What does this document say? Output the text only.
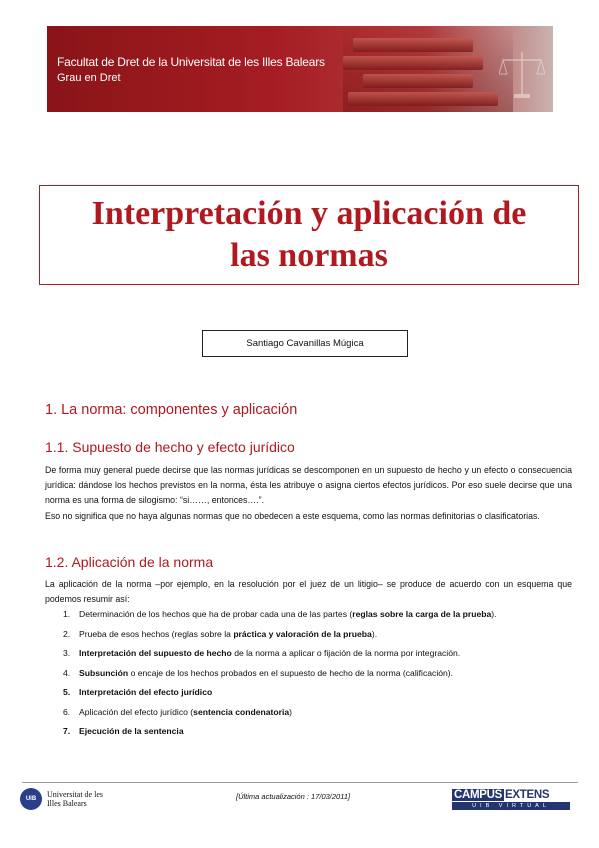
Facultat de Dret de la Universitat de les Illes Balears
Grau en Dret
Interpretación y aplicación de
las normas
Santiago Cavanillas Múgica
1. La norma: componentes y aplicación
1.1. Supuesto de hecho y efecto jurídico

De forma muy general puede decirse que las normas jurídicas se descomponen en un supuesto de hecho y un efecto o consecuencia jurídica: dándose los hechos previstos en la norma, ésta les atribuye o asigna ciertos efectos jurídicos. Por eso suele decirse que una norma es una forma de silogismo: “si……, entonces….”.

Eso no significa que no haya algunas normas que no obedecen a este esquema, como las normas definitorias o clasificatorias.

1.2. Aplicación de la norma

La aplicación de la norma –por ejemplo, en la resolución por el juez de un litigio– se produce de acuerdo con un esquema que podemos resumir así:

1. Determinación de los hechos que ha de probar cada una de las partes (reglas sobre la carga de la prueba).
2. Prueba de esos hechos (reglas sobre la práctica y valoración de la prueba).
3. Interpretación del supuesto de hecho de la norma a aplicar o fijación de la norma por integración.
4. Subsunción o encaje de los hechos probados en el supuesto de hecho de la norma (calificación).
5. Interpretación del efecto jurídico
6. Aplicación del efecto jurídico (sentencia condenatoria)
7. Ejecución de la sentencia
UIB	Universitat de les
Illes Balears
[Última actualización : 17/03/2011]	CAMPUS EXTENS
UIB VIRTUAL
